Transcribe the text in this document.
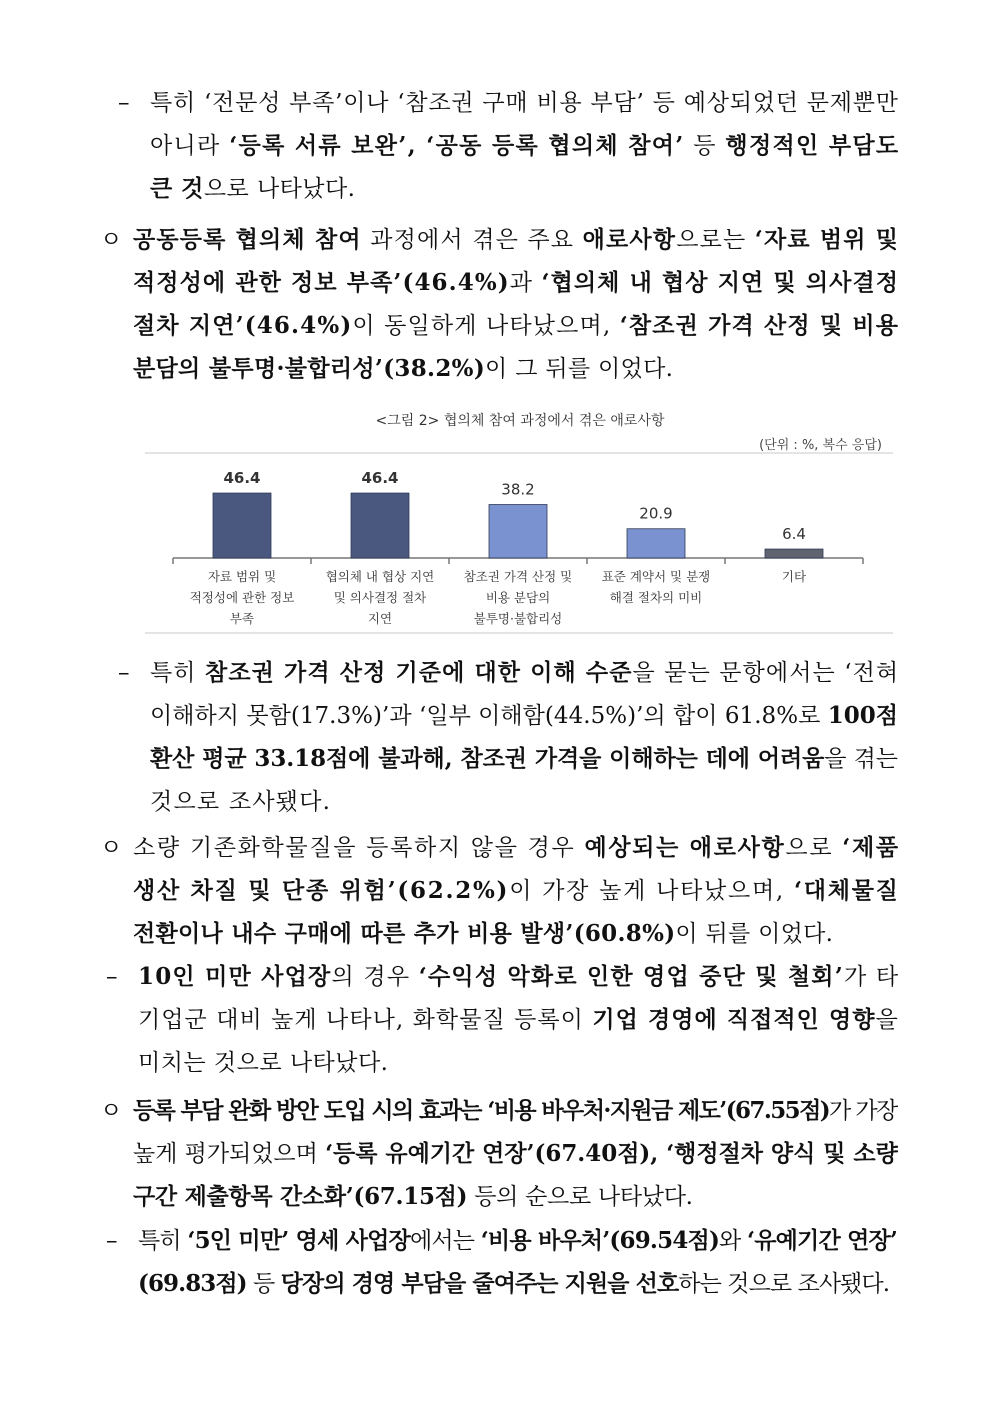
– 특히 ‘전문성 부족’이나 ‘참조권 구매 비용 부담’ 등 예상되었던 문제뿐만
아니라 ‘등록 서류 보완’, ‘공동 등록 협의체 참여’ 등 행정적인 부담도
큰 것으로 나타났다.
ㅇ 공동등록 협의체 참여 과정에서 겪은 주요 애로사항으로는 ‘자료 범위 및
적정성에 관한 정보 부족’(46.4%)과 ‘협의체 내 협상 지연 및 의사결정
절차 지연’(46.4%)이 동일하게 나타났으며, ‘참조권 가격 산정 및 비용
분담의 불투명·불합리성’(38.2%)이 그 뒤를 이었다.
– 특히 참조권 가격 산정 기준에 대한 이해 수준을 묻는 문항에서는 ‘전혀
이해하지 못함(17.3%)’과 ‘일부 이해함(44.5%)’의 합이 61.8%로 100점
환산 평균 33.18점에 불과해, 참조권 가격을 이해하는 데에 어려움을 겪는
것으로 조사됐다.
ㅇ 소량 기존화학물질을 등록하지 않을 경우 예상되는 애로사항으로 ‘제품
생산 차질 및 단종 위험’(62.2%)이 가장 높게 나타났으며, ‘대체물질
전환이나 내수 구매에 따른 추가 비용 발생’(60.8%)이 뒤를 이었다.
– 10인 미만 사업장의 경우 ‘수익성 악화로 인한 영업 중단 및 철회’가 타
기업군 대비 높게 나타나, 화학물질 등록이 기업 경영에 직접적인 영향을
미치는 것으로 나타났다.
ㅇ 등록 부담 완화 방안 도입 시의 효과는 ‘비용 바우처·지원금 제도’(67.55점)가 가장
높게 평가되었으며 ‘등록 유예기간 연장’(67.40점), ‘행정절차 양식 및 소량
구간 제출항목 간소화’(67.15점) 등의 순으로 나타났다.
– 특히 ‘5인 미만’ 영세 사업장에서는 ‘비용 바우처’(69.54점)와 ‘유예기간 연장’
(69.83점) 등 당장의 경영 부담을 줄여주는 지원을 선호하는 것으로 조사됐다.
<그림 2> 협의체 참여 과정에서 겪은 애로사항
(단위 : %, 복수 응답)
46.4
자료 범위 및
적정성에 관한 정보
부족
46.4
협의체 내 협상 지연
및 의사결정 절차
지연
38.2
참조권 가격 산정 및
비용 분담의
불투명·불합리성
20.9
표준 계약서 및 분쟁
해결 절차의 미비
6.4
기타
